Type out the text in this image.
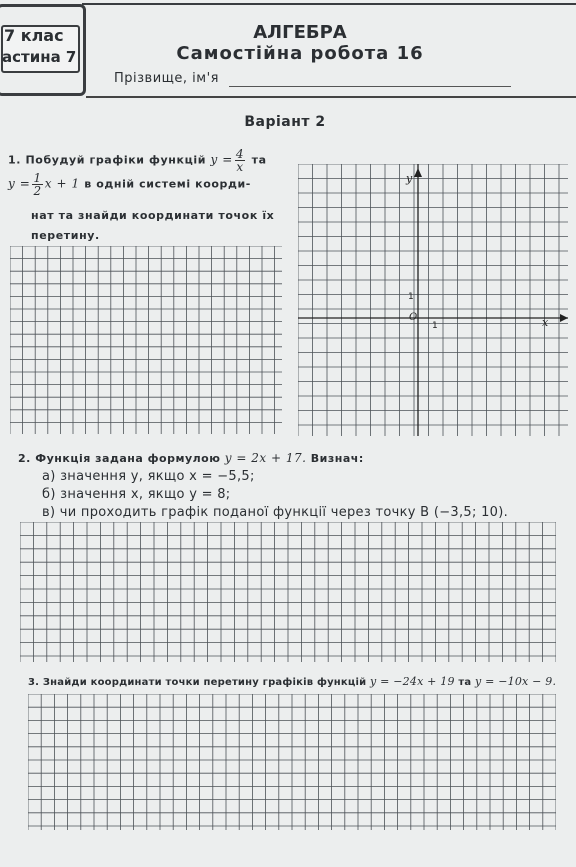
7 клас
астина 7
АЛГЕБРА
Самостійна робота 16
Прізвище, ім'я
Варіант 2
1. Побудуй графіки функцій $y = \frac{4}{x}$ та
$y = \frac{1}{2}$ x + 1 в одній системі коорди-
нат та знайди координати точок їх
перетину.
y
x
O
1
1
2. Функція задана формулою y = 2x + 17. Визнач:
а) значення y, якщо x = −5,5;
б) значення x, якщо y = 8;
в) чи проходить графік поданої функції через точку B (−3,5; 10).
3. Знайди координати точки перетину графіків функцій y = −24x + 19 та y = −10x − 9.
